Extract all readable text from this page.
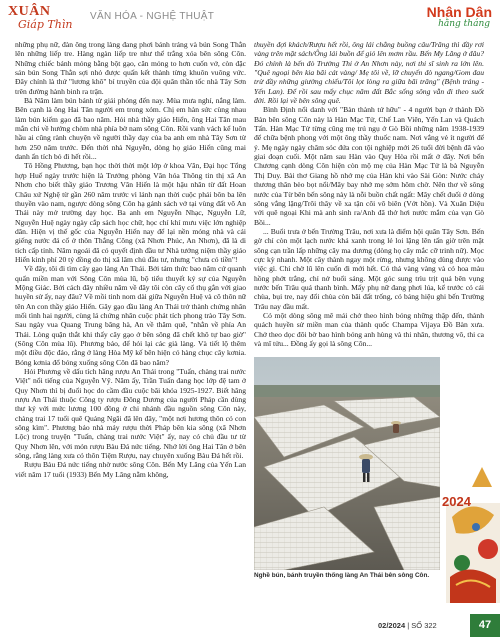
XUÂN
Giáp Thìn
VĂN HÓA - NGHỆ THUẬT	Nhân Dân
hằng tháng

những phụ nữ, đàn ông trong làng đang phơi bánh tráng và bún Song Thằn lên những liếp tre. Hàng ngàn liếp tre như thể trắng xóa bên sông Côn. Những chiếc bánh mỏng bằng bột gạo, căn mỏng to hơn cuốn vở, còn đặc sản bún Song Thằn sợi nhỏ được quấn kết thành từng khuôn vuông vức. Đây chính là thứ "lương khô" bí truyền của đội quân thần tốc nhà Tây Sơn trên đường hành binh ra trận.

Bà Năm làm bún bánh từ giải phóng đến nay. Mùa mưa nghỉ, nắng làm. Bên cạnh là ông Hai Tân người em trong xóm. Chị em hàn sức cùng nhau làm bún kiếm gạo đã bao năm. Hỏi nhà thầy giáo Hiển, ông Hai Tân mau mắn chỉ về hướng chòm nhà phía bờ nam sông Côn. Rồi vanh vách kể luôn hầu ai cũng rành chuyện về người thầy dạy của ba anh em nhà Tây Sơn từ hơn 250 năm trước. Đến thời nhà Nguyễn, dòng họ giáo Hiến cũng mai danh ẩn tích bỏ đi hết rồi...

Tô Hồng Phương, bạn học thời thời một lớp ở khoa Văn, Đại học Tổng hợp Huế ngày trước hiện là Trưởng phòng Văn hóa Thông tin thị xã An Nhơn cho biết thầy giáo Trương Văn Hiến là một hậu nhân từ đất Hoan Châu xứ Nghệ từ gần 260 năm trước vì lánh nạn thời cuộc phải bôn ba lên thuyền vào nam, ngược dòng sông Côn hạ gánh sách vở tại vùng đất võ An Thái này mở trường dạy học. Ba anh em Nguyễn Nhạc, Nguyễn Lữ, Nguyễn Huệ ngày ngày cắp sách học chữ, học chí khí mưu việc lớn nghiệp dân. Hiện vị thế gốc của Nguyễn Hiến nay để lại nền móng nhà và cái giếng nước đá cổ ở thôn Thắng Công (xã Nhơn Phúc, An Nhơn), đã là di tích cấp tỉnh. Năm ngoái đã có quyết định đầu tư Nhà tưởng niệm thầy giáo Hiến kinh phí 20 tỷ đồng do thị xã lâm chủ đầu tư, nhưng "chưa có tiền"!

Về đây, tôi đi tìm cây gạo làng An Thái. Bởi tám thức bao năm cứ quanh quẩn miền man với Sông Côn mùa lũ, bộ tiểu thuyết ký sự của Nguyễn Mộng Giác. Bởi cách đây nhiều năm về đây tôi còn cây cổ thụ gắn với giao huyền sử ấy, nay đâu? Về mồi tinh nom dài giữa Nguyễn Huệ và cô thôn nữ tên An con thầy giáo Hiến. Gây gạo đầu làng An Thái trở thành chứng nhân mối tình hai người, cùng lá chứng nhân cuộc phát tích phong trào Tây Sơn. Sau ngày vua Quang Trung băng hà, An về thăm quê, "nhằn về phía An Thái. Lòng quặn thắt khi thấy cây gạo ở bên sông đã chết khô tự bao giờ" (Sông Côn mùa lũ). Phương bảo, để hỏi lại các già làng. Và tiết lộ thêm một điều độc đáo, rằng ở làng Hòa Mỹ kế bên hiện có hàng chục cây kơnia. Bóng kơnia đổ bóng xuống sông Côn đã bao năm?

Hỏi Phương về dấu tích hãng rượu An Thái trong "Tuấn, chàng trai nước Việt" nổi tiếng của Nguyễn Vỹ. Năm ấy, Trần Tuấn đang học lớp đệ tam ở Quy Nhơn thì bị đuổi học do cầm đầu cuộc bãi khóa 1925-1927. Biết hãng rượu An Thái thuộc Công ty rượu Đông Dương của người Pháp cần dùng thư ký với mức lương 100 đồng ở chi nhánh đầu nguồn sông Côn này, chàng trai 17 tuổi quê Quảng Ngãi đã lên đây, "một nơi hương thôn có con sông kìm". Phương bảo nhà máy rượu thời Pháp bên kia sông (xã Nhơn Lộc) trong truyện "Tuấn, chàng trai nước Việt" ấy, nay có chủ đầu tư từ Quy Nhơn lên, với món rượu Bàu Đá nức tiếng. Nhớ lời ông Hai Tân ở bên sông, rằng làng xưa có thôn Tiệm Rượu, nay chuyên xuống Bàu Đá hết rồi.

Rượu Bàu Đá nức tiếng nhờ nước sông Côn. Bến My Lăng của Yến Lan viết năm 17 tuổi (1933) Bến My Lăng nằm không,

thuyền đợi khách/Rượu hết rồi, ông lái chẳng buồng câu/Trăng thì đầy rơi vàng trên mặt sách/Ông lái buồn để giỏ lên mơm rầu. Bến My Lăng ở đâu? Đó chính là bến đò Trường Thi ở An Nhơn này, nơi thi sĩ sinh ra lớn lên. "Quê ngoại bên kia bãi cát vàng/ Mẹ tôi về, lỡ chuyến đò ngang/Gom đau trừ đầy những giường chiếu/Tôi lọt lòng ra giữa bãi trăng" (Bệnh tráng - Yến Lan). Để rồi sau mấy chục năm đất Bắc sống sông vẫn đi theo suốt đời. Rồi lại về bên sông quê.

Bình Định nổi danh với "Bàn thành tứ hữu" - 4 người bạn ở thành Đồ Bàn bên sông Côn này là Hàn Mạc Tử, Chế Lan Viên, Yến Lan và Quách Tấn. Hàn Mạc Tử từng cũng mẹ trú ngụ ở Gò Bồi những năm 1938-1939 để chữa bệnh phong với một ông thầy thuốc nam. Nơi vắng vẻ ít người để ý. Mẹ ngày ngày chăm sóc đứa con tội nghiệp mới 26 tuổi đời bệnh đã vào giai đoạn cuối. Một năm sau Hàn vào Quy Hòa rồi mất ở đây. Nơi bến Chương cạnh dòng Côn hiện còn mộ mẹ của Hàn Mạc Tử là bà Nguyễn Thị Duy. Bài thơ Giang hồ nhớ mẹ của Hàn khi vào Sài Gòn: Nước chảy thương thân bèo bọt nổi/Mây bay nhớ mẹ sớm hôm chờ. Nên thơ về sông nước của Từ bên bến sông này là nỗi buồn chất ngất: Mây chết đuối ở dòng sông vắng lặng/Trôi thây về xa tận cõi vô biên (Vớt hồn). Và Xuân Diệu với quê ngoại Khi mà anh sinh ra/Anh đã thở hơi nước mắm của vạn Gò Bồi...

... Buổi trưa ở bến Trường Trâu, nơi xưa là điểm hội quân Tây Sơn. Bến gờ chỉ còn một lạch nước khá xanh trong lẻ loi lặng lẽn tấn giờ trên mặt sông cạn trần lấp những cây ma dương (dòng họ cây mắc cỡ trinh nữ). Mọc cực kỳ nhanh. Một cây thành ngay một rừng, nhưng không dùng được vào việc gì. Chỉ chờ lũ lên cuốn đi mới hết. Có thả vàng vàng và có hoa màu hồng phớt trắng, chỉ nở buổi sáng. Một góc sung trìu trịt quả bên vụng nước bến Trâu quá thanh bình. Mấy phụ nữ đang phơi lúa, kể trước có cái chùa, bụi tre, nay đổi chùa còn bãi đất trống, có bảng hiệu ghi bến Trường Trâu nay đầu mất.

Có một dòng sông mê mải chở theo hình bóng những thập đến, thành quách huyền sử miền man của thành quốc Champa Vijaya Đồ Bàn xưa. Chở theo dọc đôi bờ bao hình bóng anh hùng và thi nhân, thương vô, thi ca và mĩ tửu... Đồng ấy gọi là sông Côn...

Nghề bún, bánh truyền thống làng An Thái bên sông Côn.
2024
02/2024 | SỐ 322	47
